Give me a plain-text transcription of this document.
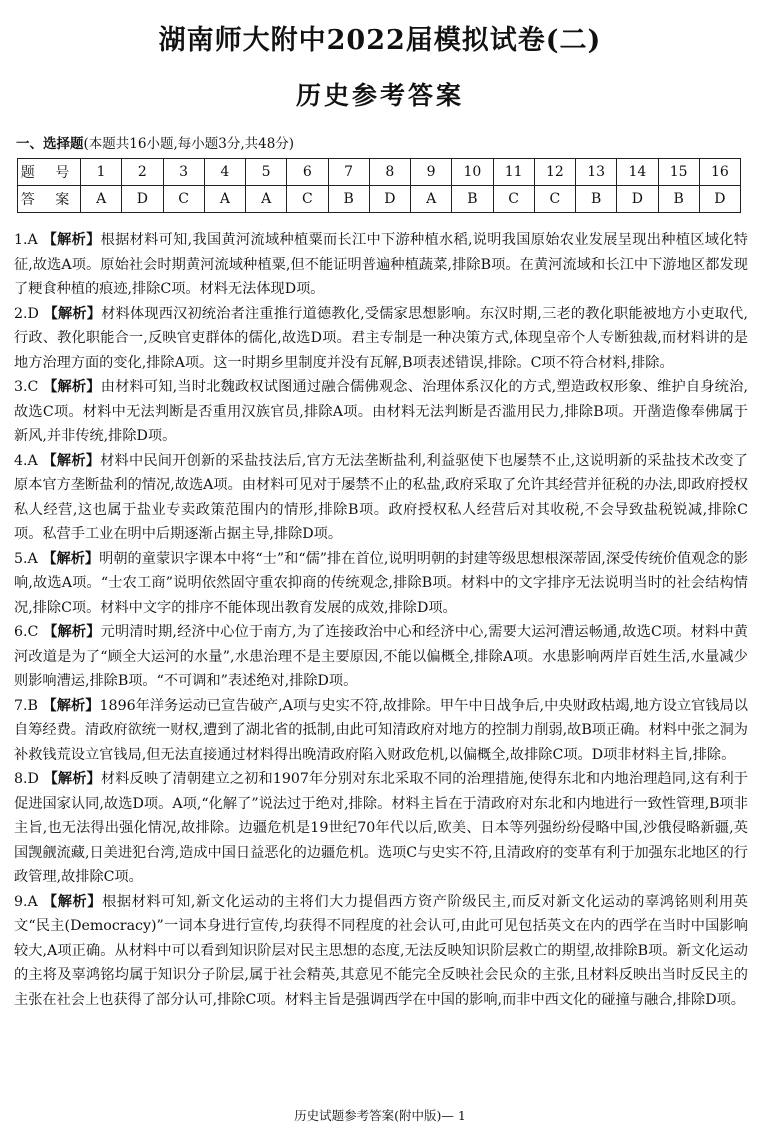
湖南师大附中2022届模拟试卷(二)
历史参考答案
一、选择题(本题共16小题,每小题3分,共48分)
题 号	1	2	3	4	5	6	7	8	9	10	11	12	13	14	15	16
答 案	A	D	C	A	A	C	B	D	A	B	C	C	B	D	B	D

1.A 【解析】根据材料可知,我国黄河流域种植粟而长江中下游种植水稻,说明我国原始农业发展呈现出种植区域化特征,故选A项。原始社会时期黄河流域种植粟,但不能证明普遍种植蔬菜,排除B项。在黄河流域和长江中下游地区都发现了粳食种植的痕迹,排除C项。材料无法体现D项。

2.D 【解析】材料体现西汉初统治者注重推行道德教化,受儒家思想影响。东汉时期,三老的教化职能被地方小吏取代,行政、教化职能合一,反映官吏群体的儒化,故选D项。君主专制是一种决策方式,体现皇帝个人专断独裁,而材料讲的是地方治理方面的变化,排除A项。这一时期乡里制度并没有瓦解,B项表述错误,排除。C项不符合材料,排除。

3.C 【解析】由材料可知,当时北魏政权试图通过融合儒佛观念、治理体系汉化的方式,塑造政权形象、维护自身统治,故选C项。材料中无法判断是否重用汉族官员,排除A项。由材料无法判断是否滥用民力,排除B项。开凿造像奉佛属于新风,并非传统,排除D项。

4.A 【解析】材料中民间开创新的采盐技法后,官方无法垄断盐利,利益驱使下也屡禁不止,这说明新的采盐技术改变了原本官方垄断盐利的情况,故选A项。由材料可见对于屡禁不止的私盐,政府采取了允许其经营并征税的办法,即政府授权私人经营,这也属于盐业专卖政策范围内的情形,排除B项。政府授权私人经营后对其收税,不会导致盐税锐减,排除C项。私营手工业在明中后期逐渐占据主导,排除D项。

5.A 【解析】明朝的童蒙识字课本中将“士”和“儒”排在首位,说明明朝的封建等级思想根深蒂固,深受传统价值观念的影响,故选A项。“士农工商”说明依然固守重农抑商的传统观念,排除B项。材料中的文字排序无法说明当时的社会结构情况,排除C项。材料中文字的排序不能体现出教育发展的成效,排除D项。

6.C 【解析】元明清时期,经济中心位于南方,为了连接政治中心和经济中心,需要大运河漕运畅通,故选C项。材料中黄河改道是为了“顾全大运河的水量”,水患治理不是主要原因,不能以偏概全,排除A项。水患影响两岸百姓生活,水量减少则影响漕运,排除B项。“不可调和”表述绝对,排除D项。

7.B 【解析】1896年洋务运动已宣告破产,A项与史实不符,故排除。甲午中日战争后,中央财政枯竭,地方设立官钱局以自筹经费。清政府欲统一财权,遭到了湖北省的抵制,由此可知清政府对地方的控制力削弱,故B项正确。材料中张之洞为补救钱荒设立官钱局,但无法直接通过材料得出晚清政府陷入财政危机,以偏概全,故排除C项。D项非材料主旨,排除。

8.D 【解析】材料反映了清朝建立之初和1907年分别对东北采取不同的治理措施,使得东北和内地治理趋同,这有利于促进国家认同,故选D项。A项,“化解了”说法过于绝对,排除。材料主旨在于清政府对东北和内地进行一致性管理,B项非主旨,也无法得出强化情况,故排除。边疆危机是19世纪70年代以后,欧美、日本等列强纷纷侵略中国,沙俄侵略新疆,英国觊觎流藏,日美进犯台湾,造成中国日益恶化的边疆危机。选项C与史实不符,且清政府的变革有利于加强东北地区的行政管理,故排除C项。

9.A 【解析】根据材料可知,新文化运动的主将们大力提倡西方资产阶级民主,而反对新文化运动的辜鸿铭则利用英文“民主(Democracy)”一词本身进行宣传,均获得不同程度的社会认可,由此可见包括英文在内的西学在当时中国影响较大,A项正确。从材料中可以看到知识阶层对民主思想的态度,无法反映知识阶层救亡的期望,故排除B项。新文化运动的主将及辜鸿铭均属于知识分子阶层,属于社会精英,其意见不能完全反映社会民众的主张,且材料反映出当时反民主的主张在社会上也获得了部分认可,排除C项。材料主旨是强调西学在中国的影响,而非中西文化的碰撞与融合,排除D项。

历史试题参考答案(附中版)— 1
